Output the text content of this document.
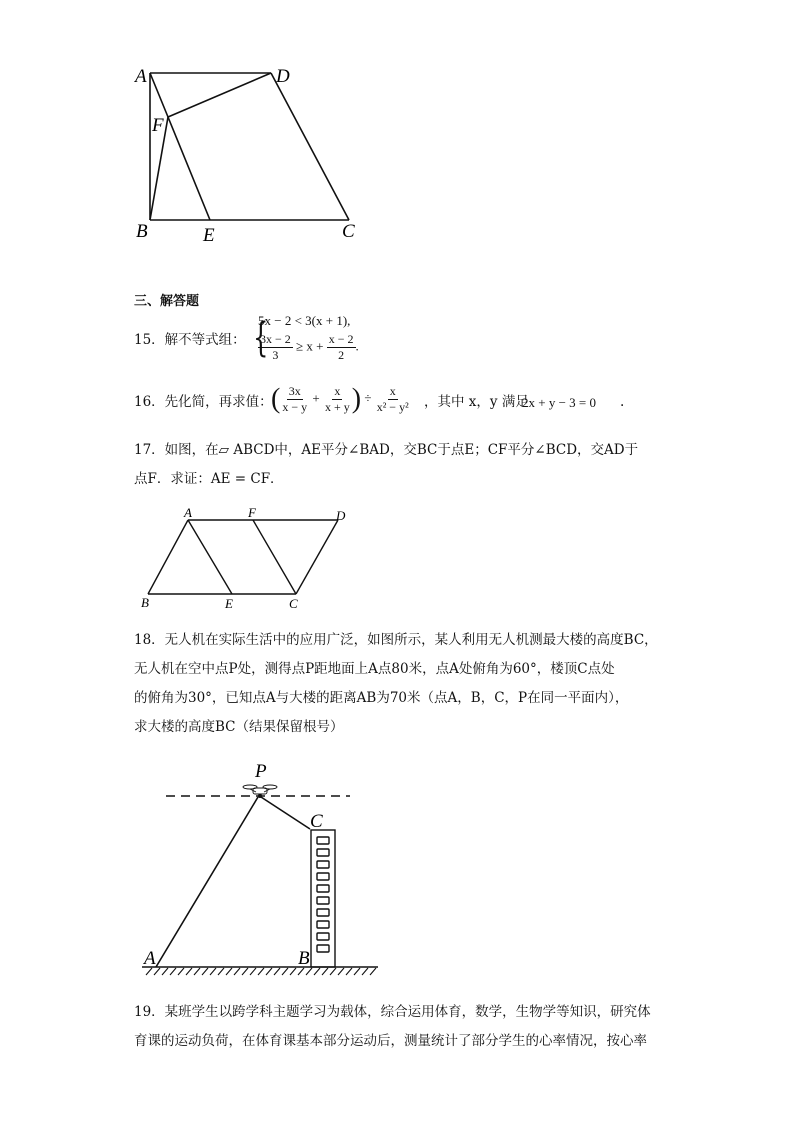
A	D
F
B	E	C
三、解答题
15．解不等式组： {
5x − 2 < 3(x + 1),
$\frac{3x - 2}{3} \ge x + \frac{x - 2}{2}$ .
16．先化简，再求值：
( $\frac{3x}{x - y} + \frac{x}{x + y}$ ) ÷ $\frac{x}{\text{x² − y²}}$ ，其中 x，y 满足
2x + y − 3 = 0 .
17．如图，在▱ ABCD中，AE平分∠BAD，交BC于点E；CF平分∠BCD，交AD于
点F．求证：AE = CF．
A	F	D
B	E	C
18．无人机在实际生活中的应用广泛，如图所示，某人利用无人机测最大楼的高度BC，
无人机在空中点P处，测得点P距地面上A点80米，点A处俯角为60°，楼顶C点处
的俯角为30°，已知点A与大楼的距离AB为70米（点A，B，C，P在同一平面内），
求大楼的高度BC（结果保留根号）
P
C
A	B
19．某班学生以跨学科主题学习为载体，综合运用体育，数学，生物学等知识，研究体
育课的运动负荷，在体育课基本部分运动后，测量统计了部分学生的心率情况，按心率
